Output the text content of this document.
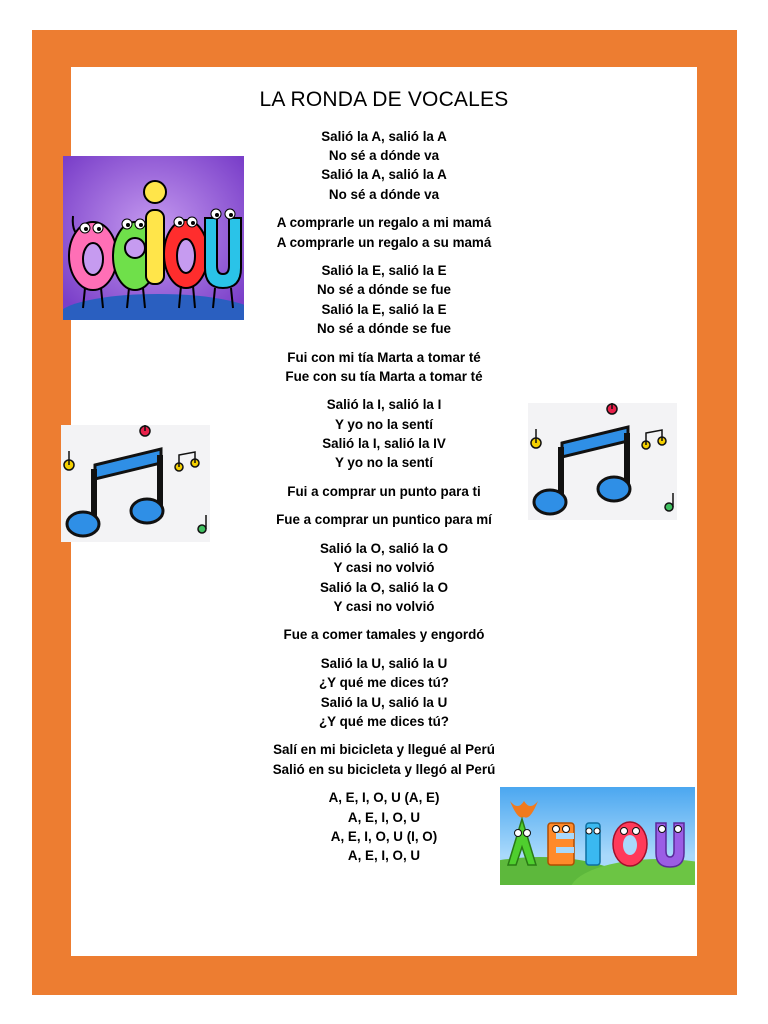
LA RONDA DE VOCALES
Salió la A, salió la A
No sé a dónde va
Salió la A, salió la A
No sé a dónde va
A comprarle un regalo a mi mamá
A comprarle un regalo a su mamá
Salió la E, salió la E
No sé a dónde se fue
Salió la E, salió la E
No sé a dónde se fue
Fui con mi tía Marta a tomar té
Fue con su tía Marta a tomar té
Salió la I, salió la I
Y yo no la sentí
Salió la I, salió la IV
Y yo no la sentí
Fui a comprar un punto para ti
Fue a comprar un puntico para mí
Salió la O, salió la O
Y casi no volvió
Salió la O, salió la O
Y casi no volvió
Fue a comer tamales y engordó
Salió la U, salió la U
¿Y qué me dices tú?
Salió la U, salió la U
¿Y qué me dices tú?
Salí en mi bicicleta y llegué al Perú
Salió en su bicicleta y llegó al Perú
A, E, I, O, U (A, E)
A, E, I, O, U
A, E, I, O, U (I, O)
A, E, I, O, U
